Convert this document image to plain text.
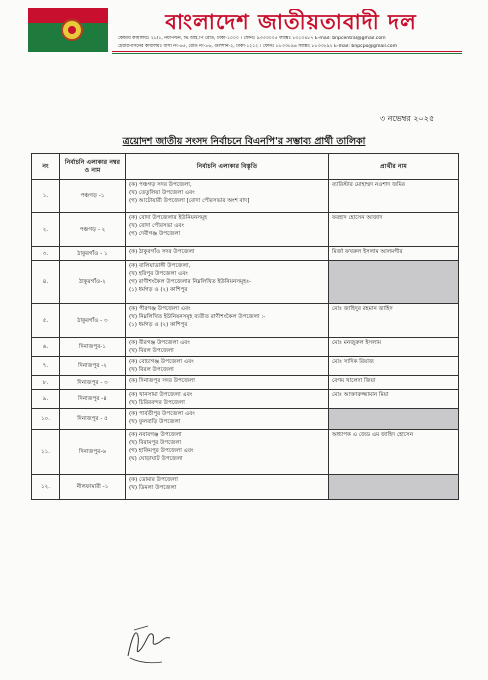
বাংলাদেশ জাতীয়তাবাদী দল
কেন্দ্রীয় কার্যালয়ঃ ২৮/১, নয়াপল্টন, ভি.আই.পি রোড, ঢাকা-১০০০ । ফোনঃ ৯৩৩৩০০৫ ফ্যাক্সঃ ৮৩১৩৪৮৭ E-mail: bnpcentral@gmail.com
চেয়ারপার্সনের কার্যালয়ঃ বাসা নং-৬৫, রোড নং-৮৬, গুলশান-২, ঢাকা-১২১২ । ফোনঃ ৮৮৩৩৮৯৬ ফ্যাক্সঃ ৮৮৩৩৮৯২ E-mail: bnpcpo@gmail.com
৩ নভেম্বর ২০২৫
ত্রয়োদশ জাতীয় সংসদ নির্বাচনে বিএনপি'র সম্ভাব্য প্রার্থী তালিকা
নং	নির্বাচনি এলাকার নম্বর ও নাম	নির্বাচনি এলাকার বিস্তৃতি	প্রার্থীর নাম
১.	পঞ্চগড় -১	(ক) পঞ্চগড় সদর উপজেলা,
(খ) তেতুলিয়া উপজেলা এবং
(গ) আটোয়ারী উপজেলা [বোদা পৌরসভার অংশ বাদ]	ব্যারিস্টার মোহাম্মদ নওশাদ জমির
২.	পঞ্চগড় - ২	(ক) বোদা উপজেলার ইউনিয়নসমূহ
(খ) বোদা পৌরসভা এবং
(গ) দেবীগঞ্জ উপজেলা	ফরহাদ হোসেন আজাদ
৩.	ঠাকুরগাঁও - ১	(ক) ঠাকুরগাঁও সদর উপজেলা	মির্জা ফখরুল ইসলাম আলমগীর
৪.	ঠাকুরগাঁও-২	(ক) বালিয়াডাঙ্গী উপজেলা,
(খ) হরিপুর উপজেলা এবং
(গ) রাণীশংকৈল উপজেলার নিম্নলিখিত ইউনিয়নসমূহঃ-
(১) ধর্মগড় ও (২) কাশিপুর	

৫.	ঠাকুরগাঁও - ৩	(ক) পীরগঞ্জ উপজেলা এবং
(খ) নিম্নলিখিত ইউনিয়নসমূহ ব্যতীত রাণীশংকৈল উপজেলা :-
(১) ধর্মগড় ও (২) কাশিপুর	মোঃ জাহিদুর রহমান জাহিদ
৬.	দিনাজপুর-১	(ক) বীরগঞ্জ উপজেলা এবং
(খ) বিরল উপজেলা	মোঃ মনজুরুল ইসলাম
৭.	দিনাজপুর -২	(ক) বোচাগঞ্জ উপজেলা এবং
(খ) বিরল উপজেলা	মোঃ সাদিক রিয়াজ
৮.	দিনাজপুর - ৩	(ক) দিনাজপুর সদর উপজেলা	বেগম খালেদা জিয়া
৯.	দিনাজপুর -৪	(ক) খানসামা উপজেলা এবং
(খ) চিরিরবন্দর উপজেলা	মোঃ আক্তারুজ্জামান মিয়া
১০.	দিনাজপুর - ৫	(ক) পার্বতীপুর উপজেলা এবং
(খ) ফুলবাড়ি উপজেলা	

১১.	দিনাজপুর-৬	(ক) নবাবগঞ্জ উপজেলা
(খ) বিরামপুর উপজেলা
(গ) হাকিমপুর উপজেলা এবং
(ঘ) ঘোড়াঘাট উপজেলা	অধ্যাপক এ জেড এম জাহিদ হোসেন
১২.	নীলফামারী -১	(ক) ডোমার উপজেলা
(খ) ডিমলা উপজেলা	
